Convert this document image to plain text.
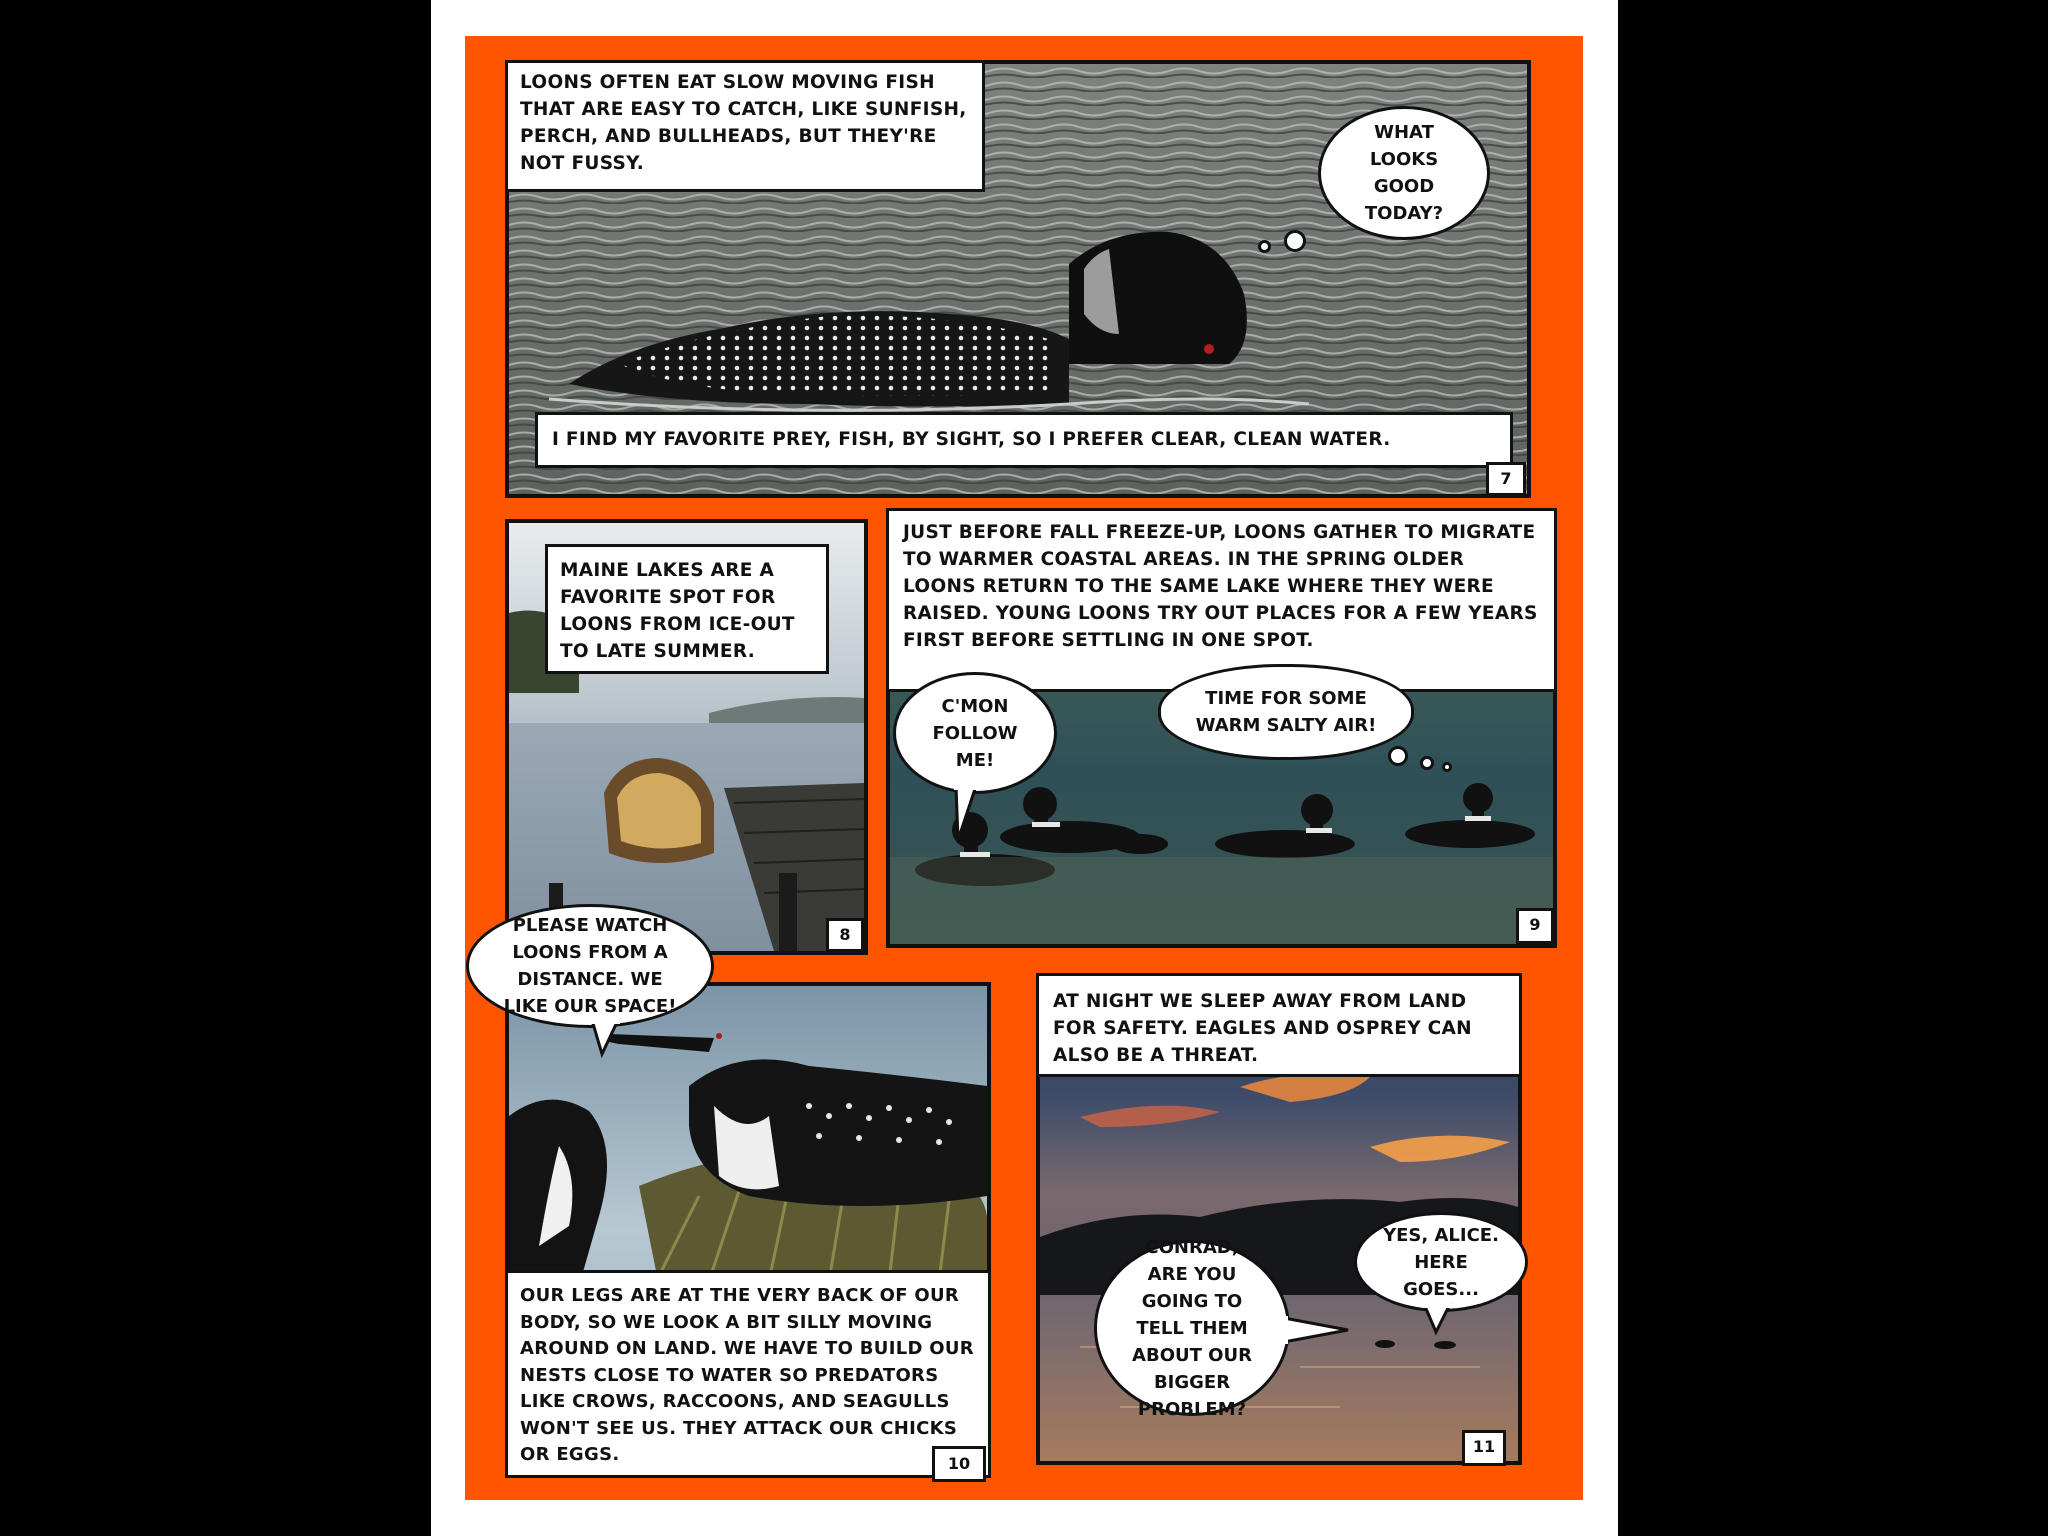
LOONS OFTEN EAT SLOW MOVING FISH THAT ARE EASY TO CATCH, LIKE SUNFISH, PERCH, AND BULLHEADS, BUT THEY'RE NOT FUSSY.
WHAT LOOKS GOOD TODAY?
I FIND MY FAVORITE PREY, FISH, BY SIGHT, SO I PREFER CLEAR, CLEAN WATER.
7
MAINE LAKES ARE A FAVORITE SPOT FOR LOONS FROM ICE-OUT TO LATE SUMMER.
8
JUST BEFORE FALL FREEZE-UP, LOONS GATHER TO MIGRATE TO WARMER COASTAL AREAS. IN THE SPRING OLDER LOONS RETURN TO THE SAME LAKE WHERE THEY WERE RAISED. YOUNG LOONS TRY OUT PLACES FOR A FEW YEARS FIRST BEFORE SETTLING IN ONE SPOT.
C'MON FOLLOW ME!
TIME FOR SOME WARM SALTY AIR!
9
PLEASE WATCH LOONS FROM A DISTANCE. WE LIKE OUR SPACE!
OUR LEGS ARE AT THE VERY BACK OF OUR BODY, SO WE LOOK A BIT SILLY MOVING AROUND ON LAND. WE HAVE TO BUILD OUR NESTS CLOSE TO WATER SO PREDATORS LIKE CROWS, RACCOONS, AND SEAGULLS WON'T SEE US. THEY ATTACK OUR CHICKS OR EGGS.	10
AT NIGHT WE SLEEP AWAY FROM LAND FOR SAFETY. EAGLES AND OSPREY CAN ALSO BE A THREAT.
CONRAD, ARE YOU GOING TO TELL THEM ABOUT OUR BIGGER PROBLEM?
YES, ALICE. HERE GOES...
11
